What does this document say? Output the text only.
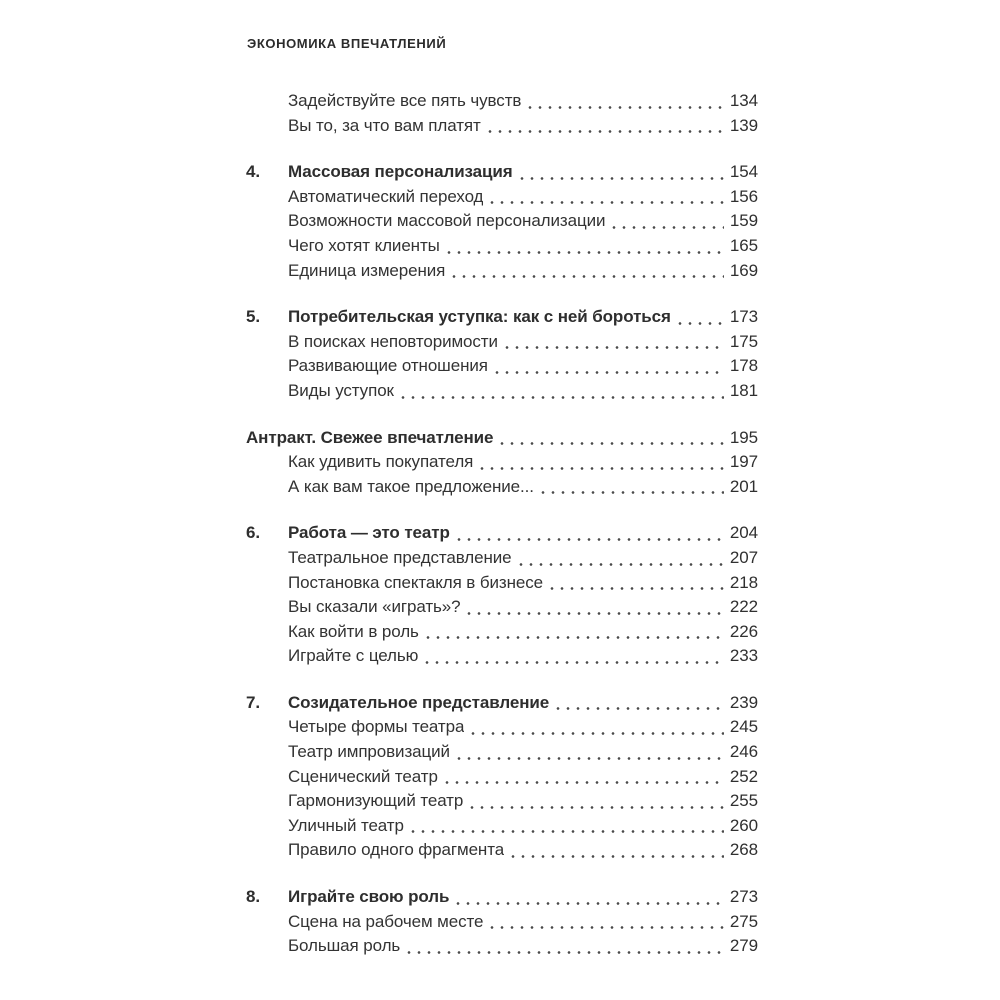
ЭКОНОМИКА ВПЕЧАТЛЕНИЙ
Задействуйте все пять чувств	134
Вы то, за что вам платят	139
4.	Массовая персонализация	154
Автоматический переход	156
Возможности массовой персонализации	159
Чего хотят клиенты	165
Единица измерения	169
5.	Потребительская уступка: как с ней бороться	173
В поисках неповторимости	175
Развивающие отношения	178
Виды уступок	181
Антракт. Свежее впечатление	195
Как удивить покупателя	197
А как вам такое предложение...	201
6.	Работа — это театр	204
Театральное представление	207
Постановка спектакля в бизнесе	218
Вы сказали «играть»?	222
Как войти в роль	226
Играйте с целью	233
7.	Созидательное представление	239
Четыре формы театра	245
Театр импровизаций	246
Сценический театр	252
Гармонизующий театр	255
Уличный театр	260
Правило одного фрагмента	268
8.	Играйте свою роль	273
Сцена на рабочем месте	275
Большая роль	279
